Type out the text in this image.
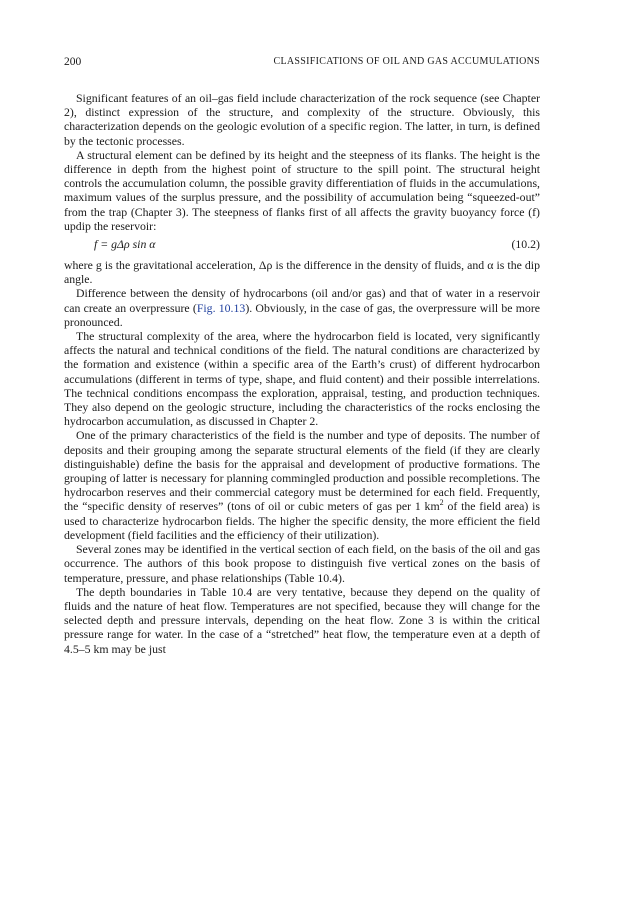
200	CLASSIFICATIONS OF OIL AND GAS ACCUMULATIONS

Significant features of an oil–gas field include characterization of the rock sequence (see Chapter 2), distinct expression of the structure, and complexity of the structure. Obviously, this characterization depends on the geologic evolution of a specific region. The latter, in turn, is defined by the tectonic processes.

A structural element can be defined by its height and the steepness of its flanks. The height is the difference in depth from the highest point of structure to the spill point. The structural height controls the accumulation column, the possible gravity differentiation of fluids in the accumulations, maximum values of the surplus pressure, and the possibility of accumulation being “squeezed-out” from the trap (Chapter 3). The steepness of flanks first of all affects the gravity buoyancy force (f) updip the reservoir:

f = gΔρ sin α	(10.2)

where g is the gravitational acceleration, Δρ is the difference in the density of fluids, and α is the dip angle.

Difference between the density of hydrocarbons (oil and/or gas) and that of water in a reservoir can create an overpressure (Fig. 10.13). Obviously, in the case of gas, the overpressure will be more pronounced.

The structural complexity of the area, where the hydrocarbon field is located, very significantly affects the natural and technical conditions of the field. The natural conditions are characterized by the formation and existence (within a specific area of the Earth’s crust) of different hydrocarbon accumulations (different in terms of type, shape, and fluid content) and their possible interrelations. The technical conditions encompass the exploration, appraisal, testing, and production techniques. They also depend on the geologic structure, including the characteristics of the rocks enclosing the hydrocarbon accumulation, as discussed in Chapter 2.

One of the primary characteristics of the field is the number and type of deposits. The number of deposits and their grouping among the separate structural elements of the field (if they are clearly distinguishable) define the basis for the appraisal and development of productive formations. The grouping of latter is necessary for planning commingled production and possible recompletions. The hydrocarbon reserves and their commercial category must be determined for each field. Frequently, the “specific density of reserves” (tons of oil or cubic meters of gas per 1 $km^2$ of the field area) is used to characterize hydrocarbon fields. The higher the specific density, the more efficient the field development (field facilities and the efficiency of their utilization).

Several zones may be identified in the vertical section of each field, on the basis of the oil and gas occurrence. The authors of this book propose to distinguish five vertical zones on the basis of temperature, pressure, and phase relationships (Table 10.4).

The depth boundaries in Table 10.4 are very tentative, because they depend on the quality of fluids and the nature of heat flow. Temperatures are not specified, because they will change for the selected depth and pressure intervals, depending on the heat flow. Zone 3 is within the critical pressure range for water. In the case of a “stretched” heat flow, the temperature even at a depth of 4.5–5 km may be just
